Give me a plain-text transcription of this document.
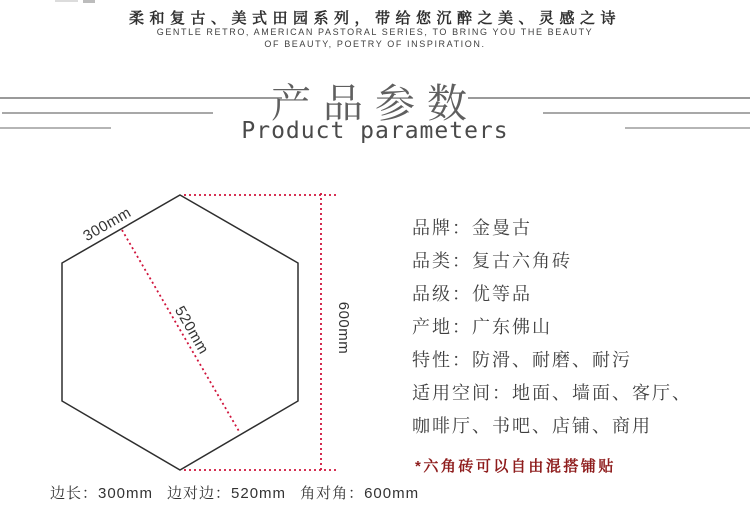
柔和复古、美式田园系列，带给您沉醉之美、灵感之诗
GENTLE RETRO, AMERICAN PASTORAL SERIES, TO BRING YOU THE BEAUTY
OF BEAUTY, POETRY OF INSPIRATION.
产品参数
Product parameters
300mm
520mm	600mm
边长：300mm 边对边：520mm 角对角：600mm
品牌：金曼古
品类：复古六角砖
品级：优等品
产地：广东佛山
特性：防滑、耐磨、耐污
适用空间：地面、墙面、客厅、
咖啡厅、书吧、店铺、商用
*六角砖可以自由混搭铺贴
